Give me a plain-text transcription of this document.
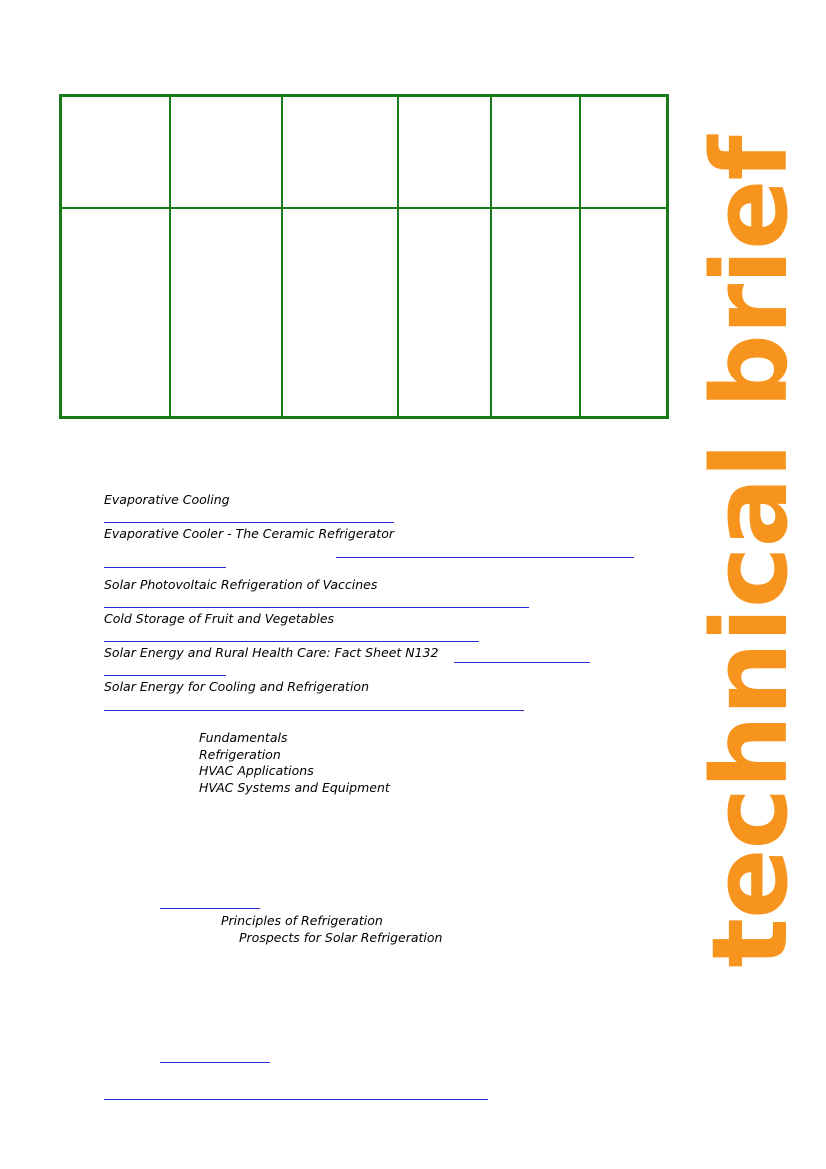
technical brief
Evaporative Cooling
Evaporative Cooler - The Ceramic Refrigerator
Solar Photovoltaic Refrigeration of Vaccines
Cold Storage of Fruit and Vegetables
Solar Energy and Rural Health Care: Fact Sheet N132
Solar Energy for Cooling and Refrigeration
Fundamentals
Refrigeration
HVAC Applications
HVAC Systems and Equipment
Principles of Refrigeration
Prospects for Solar Refrigeration
